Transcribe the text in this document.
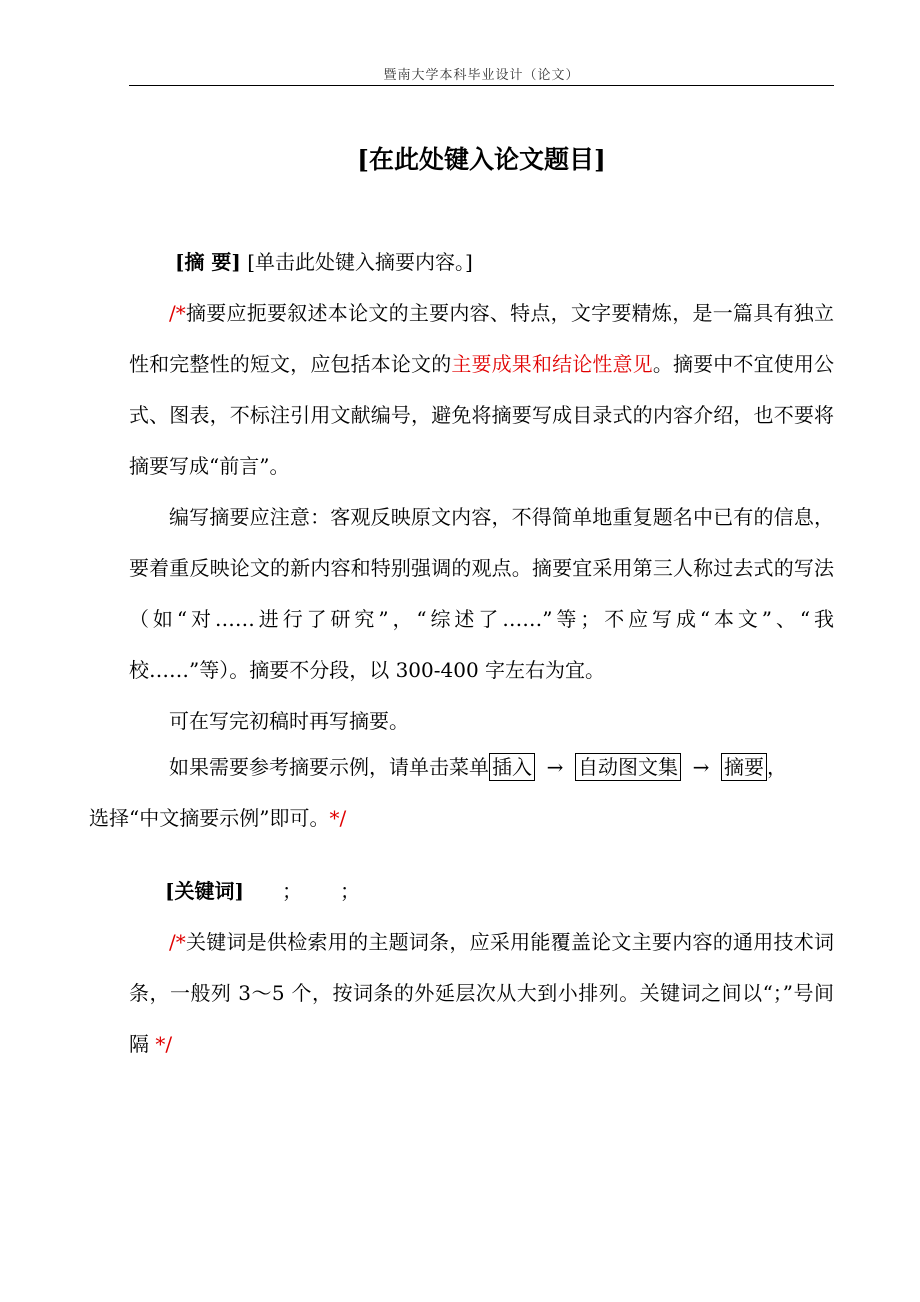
暨南大学本科毕业设计（论文）
[在此处键入论文题目]
[摘 要] [单击此处键入摘要内容。]
/*摘要应扼要叙述本论文的主要内容、特点，文字要精炼，是一篇具有独立性和完整性的短文，应包括本论文的主要成果和结论性意见。摘要中不宜使用公式、图表，不标注引用文献编号，避免将摘要写成目录式的内容介绍，也不要将摘要写成“前言”。
编写摘要应注意：客观反映原文内容，不得简单地重复题名中已有的信息，要着重反映论文的新内容和特别强调的观点。摘要宜采用第三人称过去式的写法（如“对……进行了研究”，“综述了……”等；不应写成“本文”、“我校……”等）。摘要不分段，以 300-400 字左右为宜。
可在写完初稿时再写摘要。
如果需要参考摘要示例，请单击菜单 插入 → 自动图文集 → 摘要 ，
选择“中文摘要示例”即可。*/
[关键词] ； ；
/*关键词是供检索用的主题词条，应采用能覆盖论文主要内容的通用技术词条，一般列 3～5 个，按词条的外延层次从大到小排列。关键词之间以“；”号间隔 */
